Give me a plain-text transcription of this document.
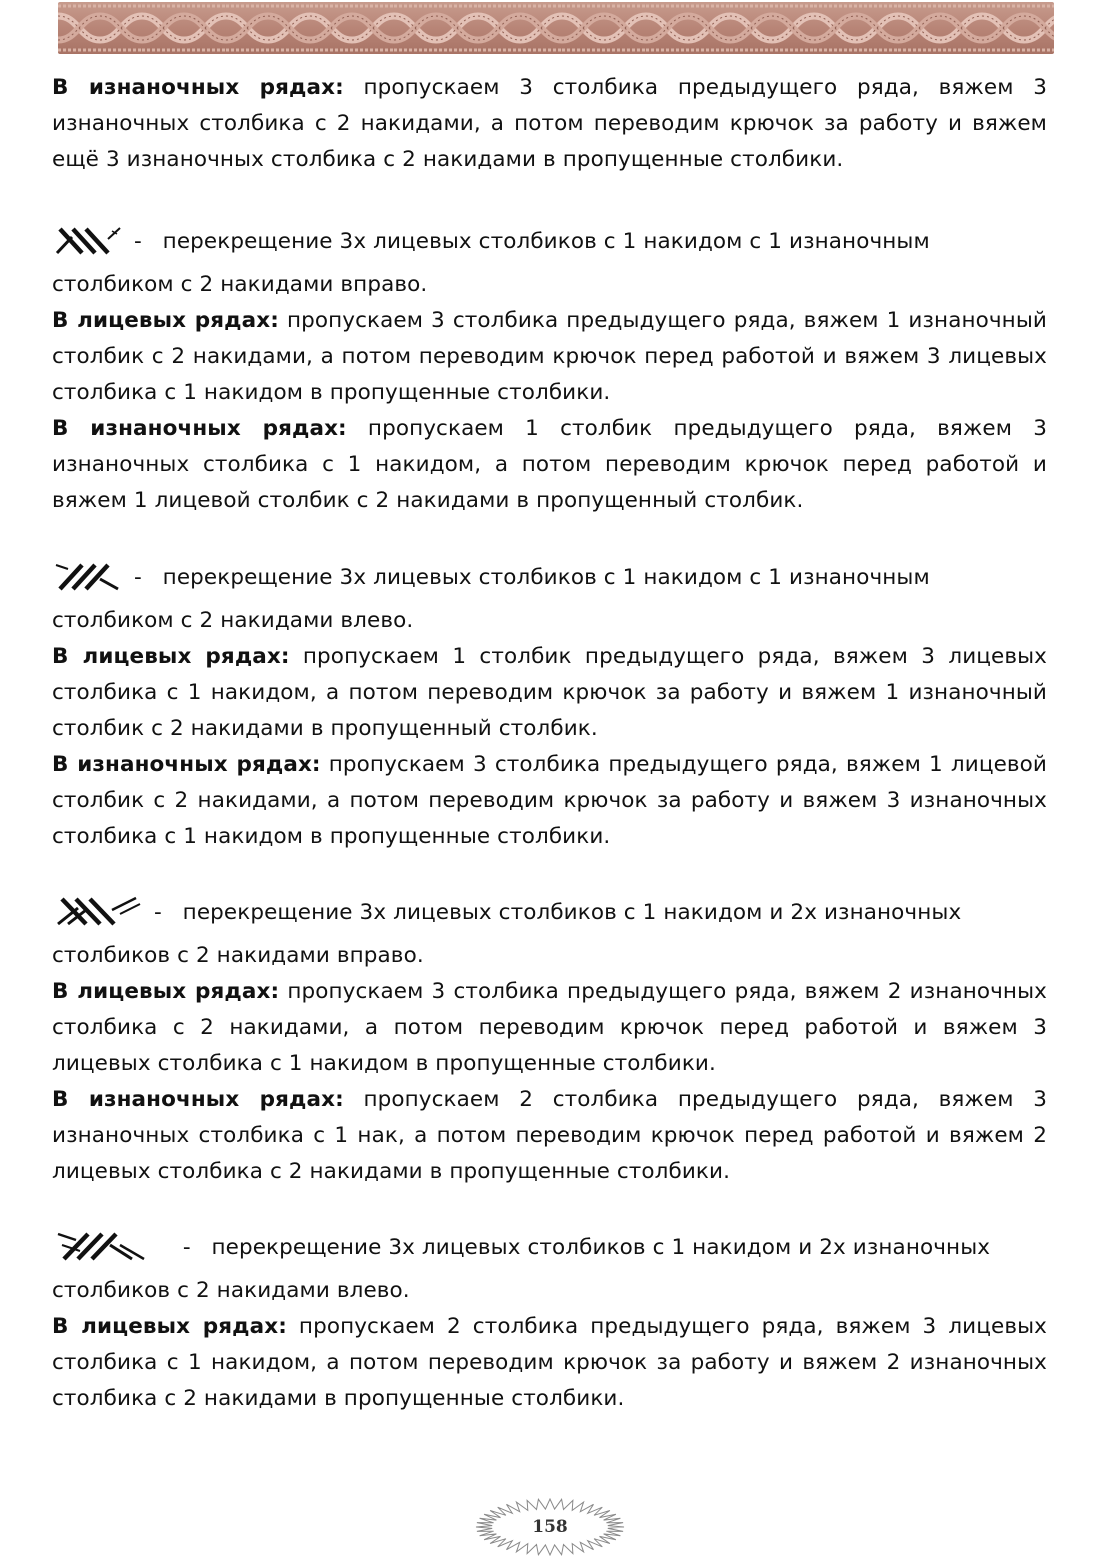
В изнаночных рядах: пропускаем 3 столбика предыдущего ряда, вяжем 3 изнаночных столбика с 2 накидами, а потом переводим крючок за работу и вяжем ещё 3 изнаночных столбика с 2 накидами в пропущенные столбики.

- перекрещение 3х лицевых столбиков с 1 накидом с 1 изнаночным столбиком с 2 накидами вправо.

В лицевых рядах: пропускаем 3 столбика предыдущего ряда, вяжем 1 изнаночный столбик с 2 накидами, а потом переводим крючок перед работой и вяжем 3 лицевых столбика с 1 накидом в пропущенные столбики.

В изнаночных рядах: пропускаем 1 столбик предыдущего ряда, вяжем 3 изнаночных столбика с 1 накидом, а потом переводим крючок перед работой и вяжем 1 лицевой столбик с 2 накидами в пропущенный столбик.

- перекрещение 3х лицевых столбиков с 1 накидом с 1 изнаночным столбиком с 2 накидами влево.

В лицевых рядах: пропускаем 1 столбик предыдущего ряда, вяжем 3 лицевых столбика с 1 накидом, а потом переводим крючок за работу и вяжем 1 изнаночный столбик с 2 накидами в пропущенный столбик.

В изнаночных рядах: пропускаем 3 столбика предыдущего ряда, вяжем 1 лицевой столбик с 2 накидами, а потом переводим крючок за работу и вяжем 3 изнаночных столбика с 1 накидом в пропущенные столбики.

- перекрещение 3х лицевых столбиков с 1 накидом и 2х изнаночных столбиков с 2 накидами вправо.

В лицевых рядах: пропускаем 3 столбика предыдущего ряда, вяжем 2 изнаночных столбика с 2 накидами, а потом переводим крючок перед работой и вяжем 3 лицевых столбика с 1 накидом в пропущенные столбики.

В изнаночных рядах: пропускаем 2 столбика предыдущего ряда, вяжем 3 изнаночных столбика с 1 нак, а потом переводим крючок перед работой и вяжем 2 лицевых столбика с 2 накидами в пропущенные столбики.

- перекрещение 3х лицевых столбиков с 1 накидом и 2х изнаночных столбиков с 2 накидами влево.

В лицевых рядах: пропускаем 2 столбика предыдущего ряда, вяжем 3 лицевых столбика с 1 накидом, а потом переводим крючок за работу и вяжем 2 изнаночных столбика с 2 накидами в пропущенные столбики.

158
